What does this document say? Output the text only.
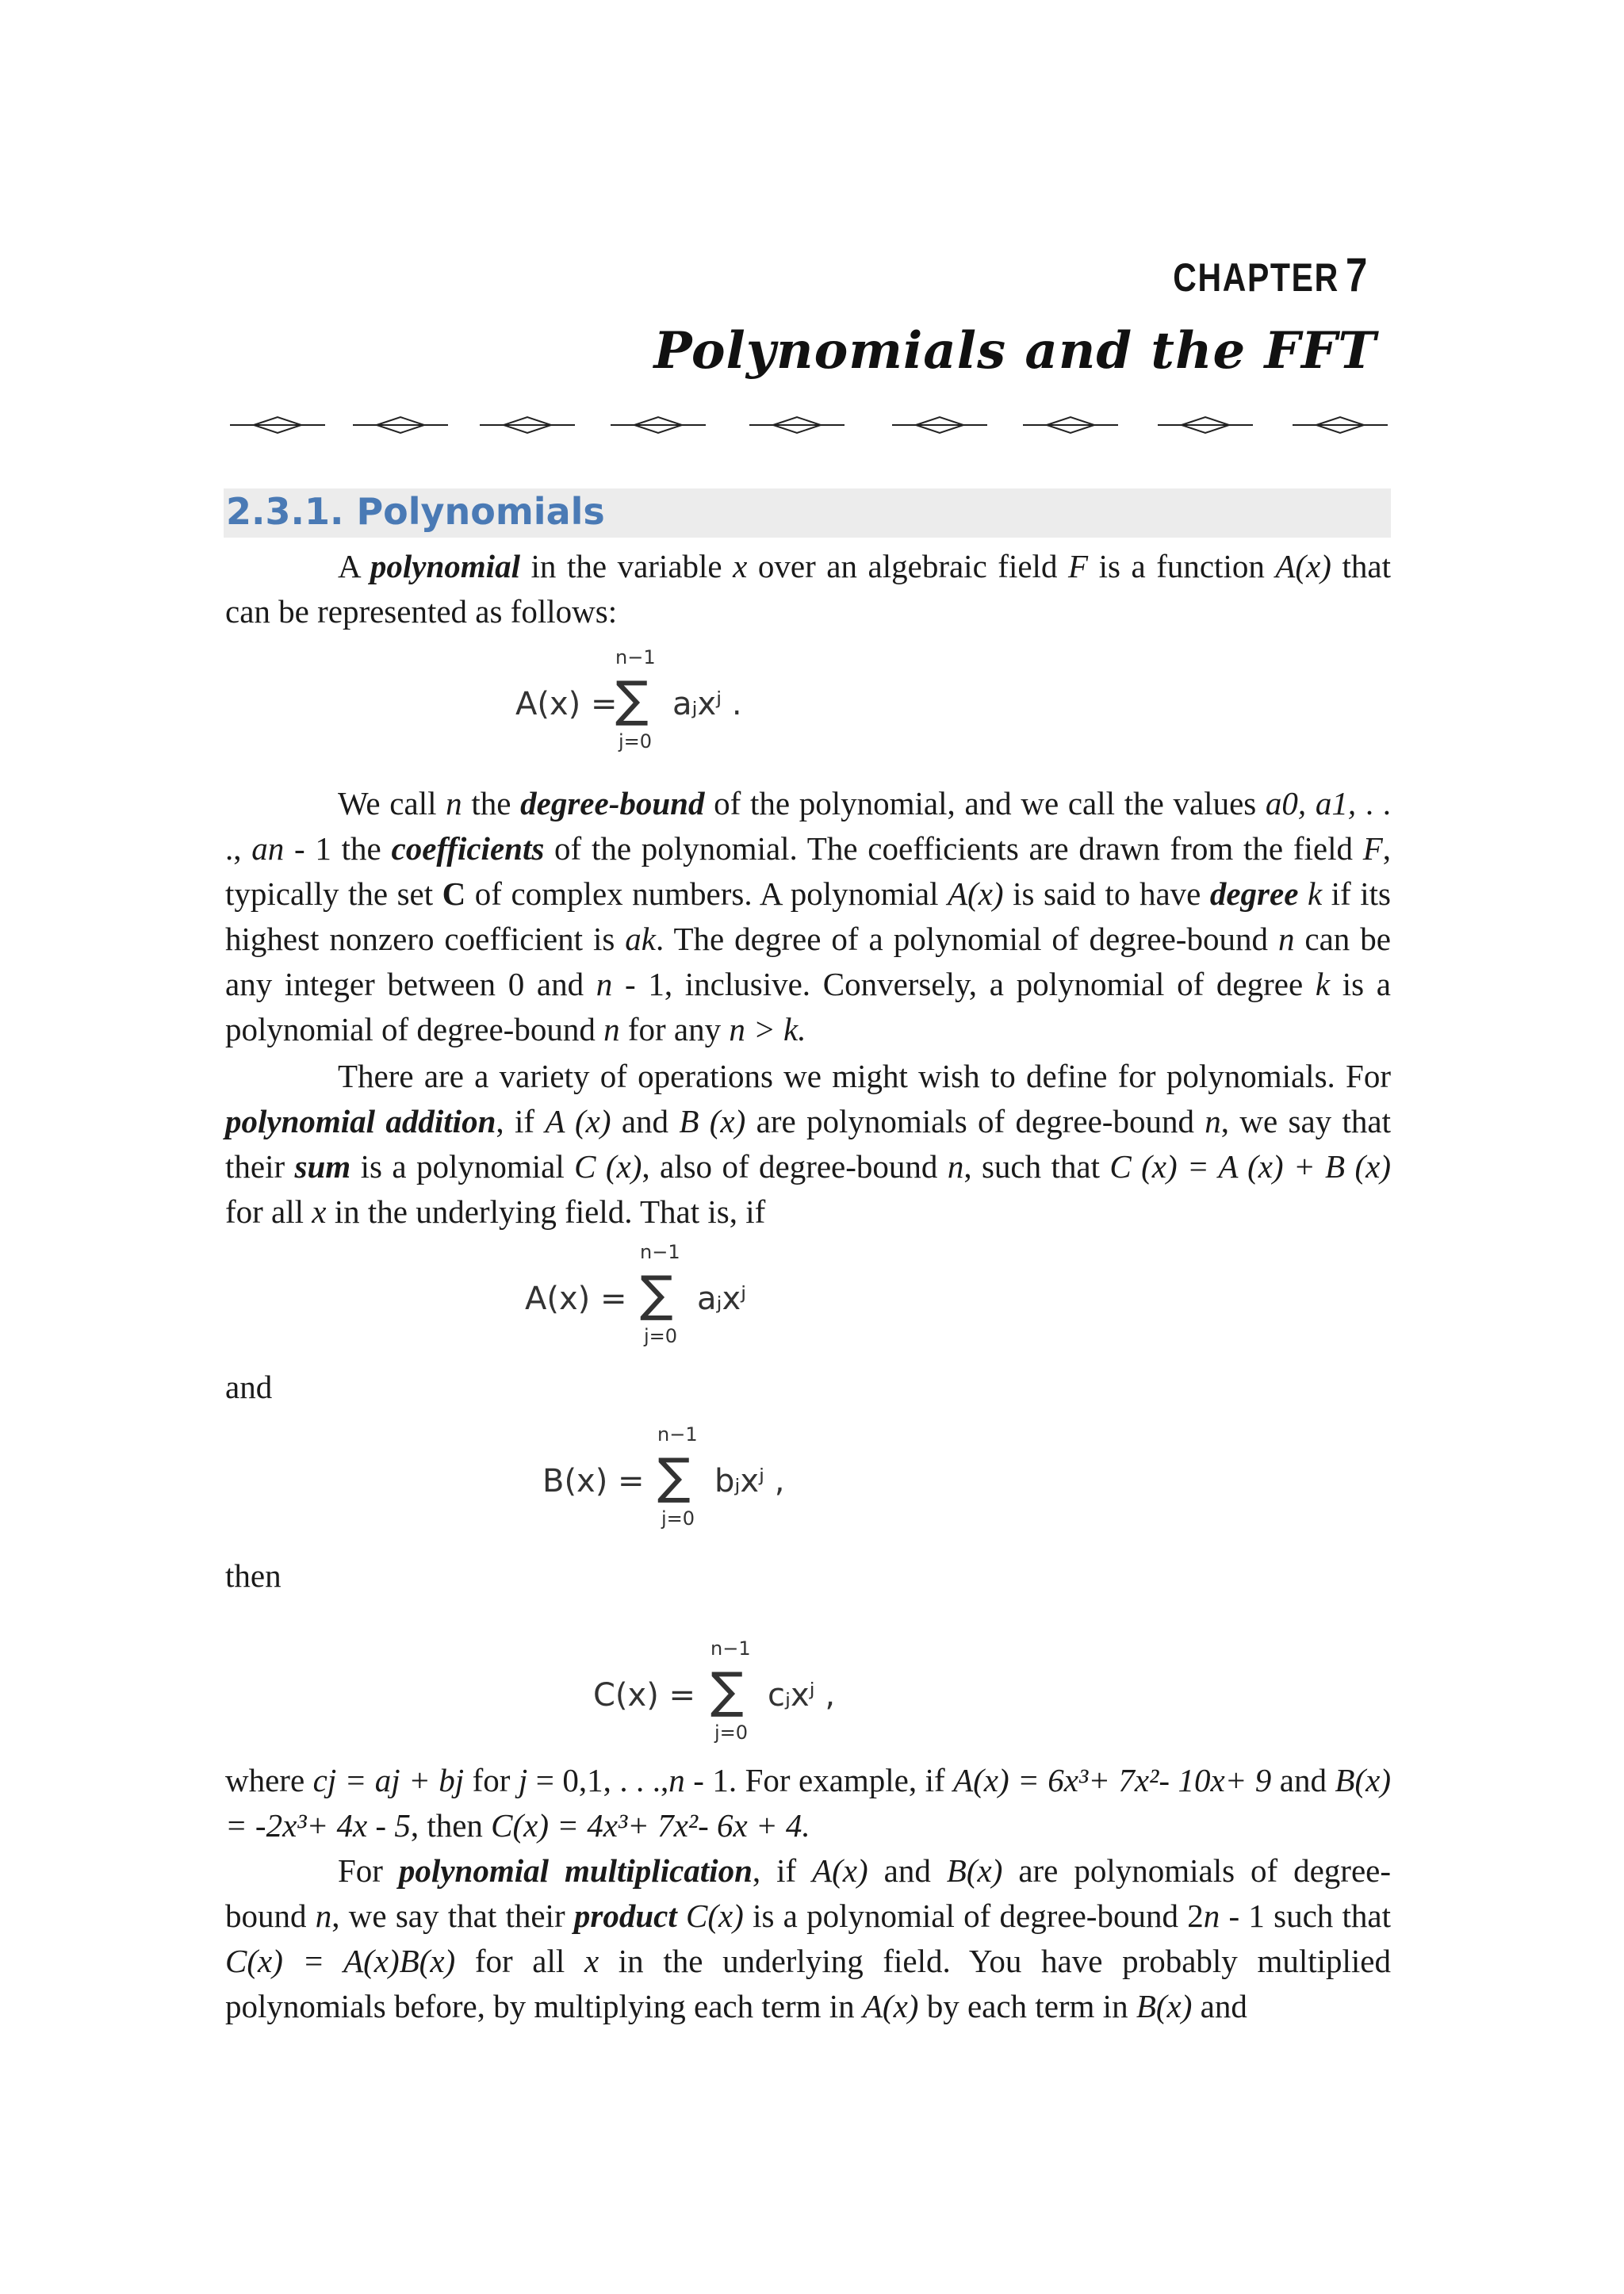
CHAPTER 7
Polynomials and the FFT
2.3.1. Polynomials

A polynomial in the variable x over an algebraic field F is a function A(x) that can be represented as follows:

A(x) =
n−1
∑
j=0
aⱼxʲ .

We call n the degree-bound of the polynomial, and we call the values a0, a1, . . ., an - 1 the coefficients of the polynomial. The coefficients are drawn from the field F, typically the set C of complex numbers. A polynomial A(x) is said to have degree k if its highest nonzero coefficient is ak. The degree of a polynomial of degree-bound n can be any integer between 0 and n - 1, inclusive. Conversely, a polynomial of degree k is a polynomial of degree-bound n for any n > k.

There are a variety of operations we might wish to define for polynomials. For polynomial addition, if A (x) and B (x) are polynomials of degree-bound n, we say that their sum is a polynomial C (x), also of degree-bound n, such that C (x) = A (x) + B (x) for all x in the underlying field. That is, if

A(x) =
n−1
∑
j=0
aⱼxʲ
and
B(x) =
n−1
∑
j=0
bⱼxʲ ,
then
C(x) =
n−1
∑
j=0
cⱼxʲ ,

where cj = aj + bj for j = 0,1, . . .,n - 1. For example, if A(x) = 6x³+ 7x²- 10x+ 9 and B(x) = -2x³+ 4x - 5, then C(x) = 4x³+ 7x²- 6x + 4.

For polynomial multiplication, if A(x) and B(x) are polynomials of degree-bound n, we say that their product C(x) is a polynomial of degree-bound 2n - 1 such that C(x) = A(x)B(x) for all x in the underlying field. You have probably multiplied polynomials before, by multiplying each term in A(x) by each term in B(x) and
